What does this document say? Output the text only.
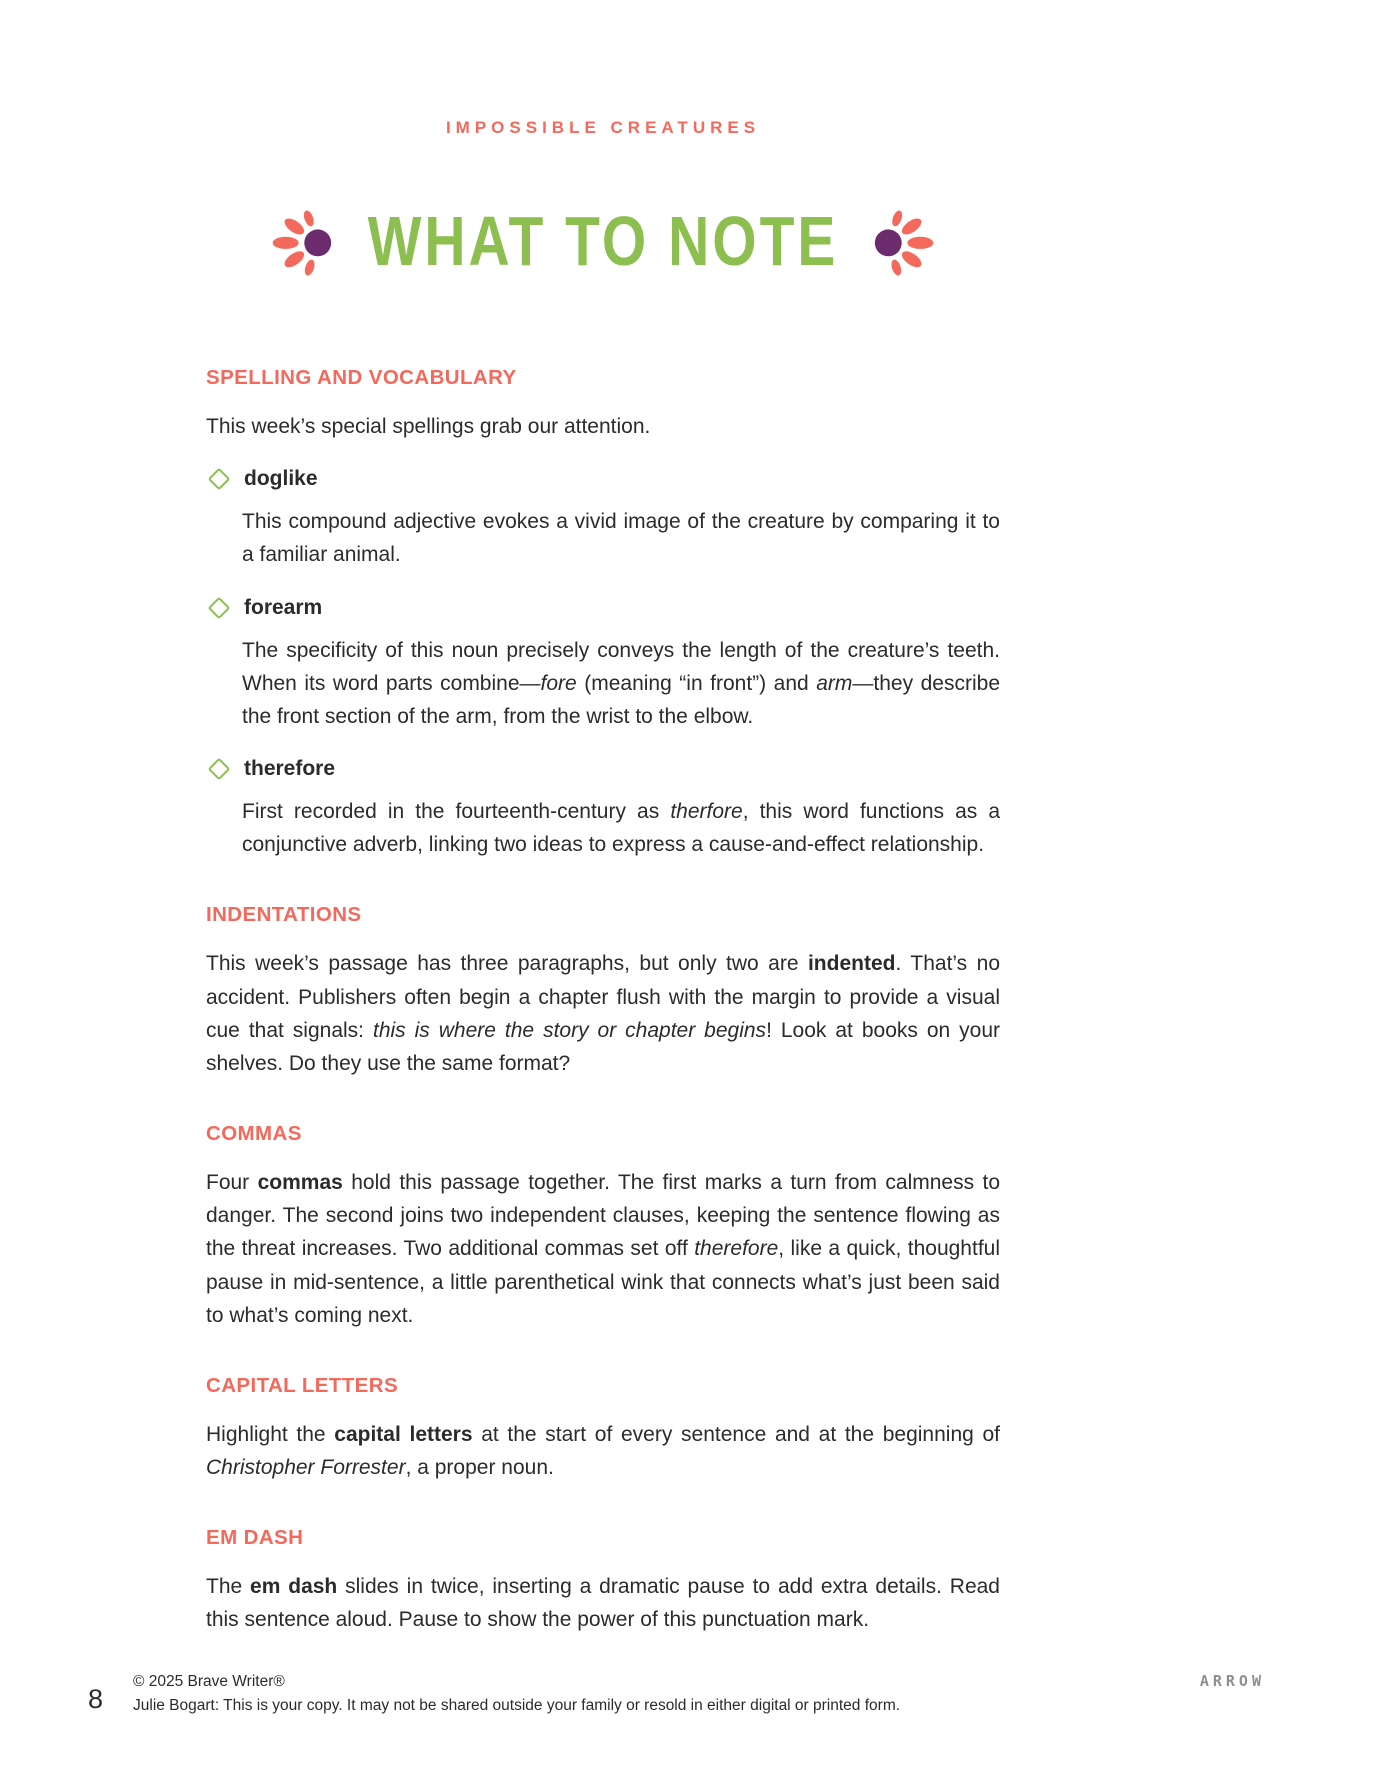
IMPOSSIBLE CREATURES
WHAT TO NOTE
SPELLING AND VOCABULARY

This week’s special spellings grab our attention.

doglike

This compound adjective evokes a vivid image of the creature by comparing it to a familiar animal.

forearm

The specificity of this noun precisely conveys the length of the creature’s teeth. When its word parts combine—fore (meaning “in front”) and arm—they describe the front section of the arm, from the wrist to the elbow.

therefore

First recorded in the fourteenth-century as therfore, this word functions as a conjunctive adverb, linking two ideas to express a cause-and-effect relationship.

INDENTATIONS

This week’s passage has three paragraphs, but only two are indented. That’s no accident. Publishers often begin a chapter flush with the margin to provide a visual cue that signals: this is where the story or chapter begins! Look at books on your shelves. Do they use the same format?

COMMAS

Four commas hold this passage together. The first marks a turn from calmness to danger. The second joins two independent clauses, keeping the sentence flowing as the threat increases. Two additional commas set off therefore, like a quick, thoughtful pause in mid-sentence, a little parenthetical wink that connects what’s just been said to what’s coming next.

CAPITAL LETTERS

Highlight the capital letters at the start of every sentence and at the beginning of Christopher Forrester, a proper noun.

EM DASH

The em dash slides in twice, inserting a dramatic pause to add extra details. Read this sentence aloud. Pause to show the power of this punctuation mark.

8
© 2025 Brave Writer®
Julie Bogart: This is your copy. It may not be shared outside your family or resold in either digital or printed form.
ARROW
